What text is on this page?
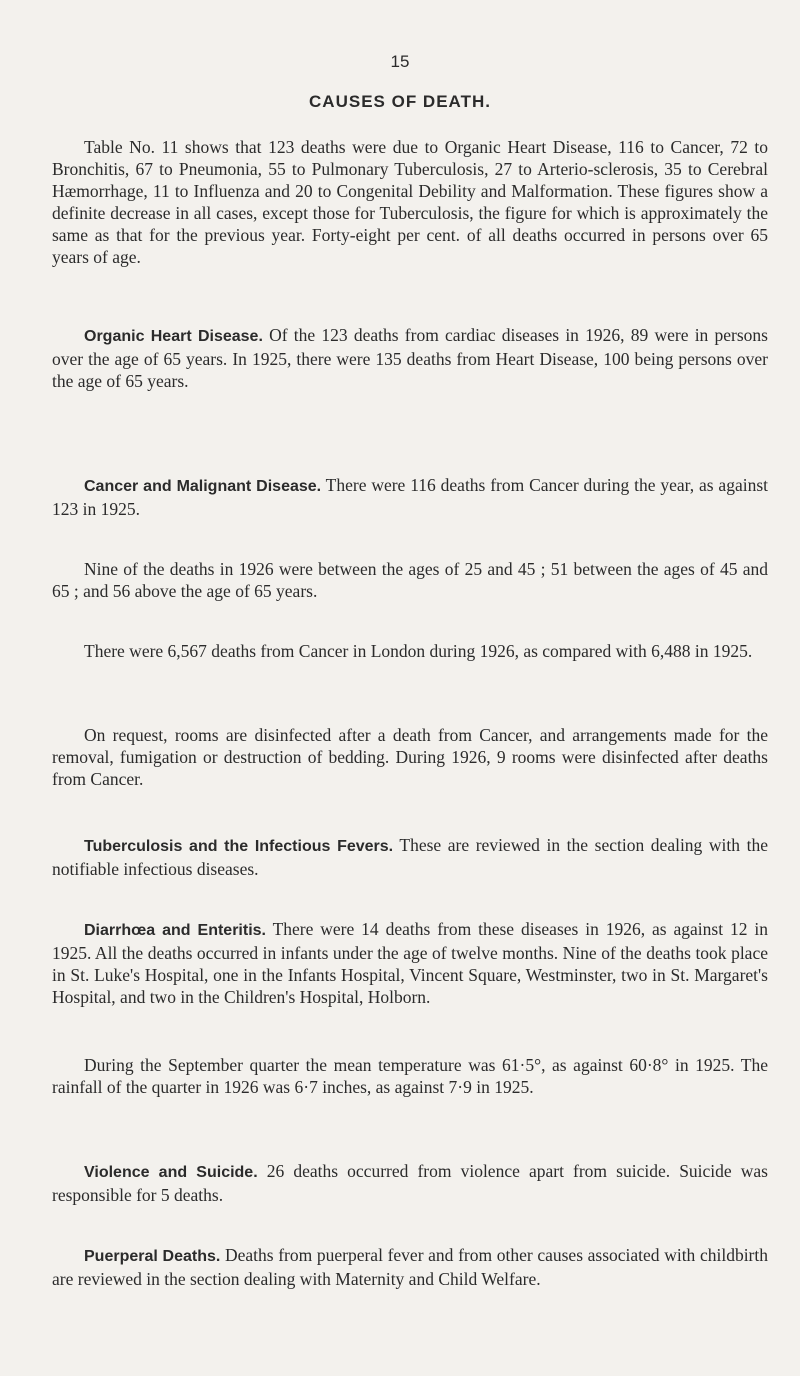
15
CAUSES OF DEATH.

Table No. 11 shows that 123 deaths were due to Organic Heart Disease, 116 to Cancer, 72 to Bronchitis, 67 to Pneumonia, 55 to Pulmonary Tuberculosis, 27 to Arterio-sclerosis, 35 to Cerebral Hæmorrhage, 11 to Influenza and 20 to Congenital Debility and Malformation. These figures show a definite decrease in all cases, except those for Tuberculosis, the figure for which is approximately the same as that for the previous year. Forty-eight per cent. of all deaths occurred in persons over 65 years of age.

Organic Heart Disease. Of the 123 deaths from cardiac diseases in 1926, 89 were in persons over the age of 65 years. In 1925, there were 135 deaths from Heart Disease, 100 being persons over the age of 65 years.

Cancer and Malignant Disease. There were 116 deaths from Cancer during the year, as against 123 in 1925.

Nine of the deaths in 1926 were between the ages of 25 and 45 ; 51 between the ages of 45 and 65 ; and 56 above the age of 65 years.

There were 6,567 deaths from Cancer in London during 1926, as compared with 6,488 in 1925.

On request, rooms are disinfected after a death from Cancer, and arrangements made for the removal, fumigation or destruction of bedding. During 1926, 9 rooms were disinfected after deaths from Cancer.

Tuberculosis and the Infectious Fevers. These are reviewed in the section dealing with the notifiable infectious diseases.

Diarrhœa and Enteritis. There were 14 deaths from these diseases in 1926, as against 12 in 1925. All the deaths occurred in infants under the age of twelve months. Nine of the deaths took place in St. Luke's Hospital, one in the Infants Hospital, Vincent Square, Westminster, two in St. Margaret's Hospital, and two in the Children's Hospital, Holborn.

During the September quarter the mean temperature was 61·5°, as against 60·8° in 1925. The rainfall of the quarter in 1926 was 6·7 inches, as against 7·9 in 1925.

Violence and Suicide. 26 deaths occurred from violence apart from suicide. Suicide was responsible for 5 deaths.

Puerperal Deaths. Deaths from puerperal fever and from other causes associated with childbirth are reviewed in the section dealing with Maternity and Child Welfare.
